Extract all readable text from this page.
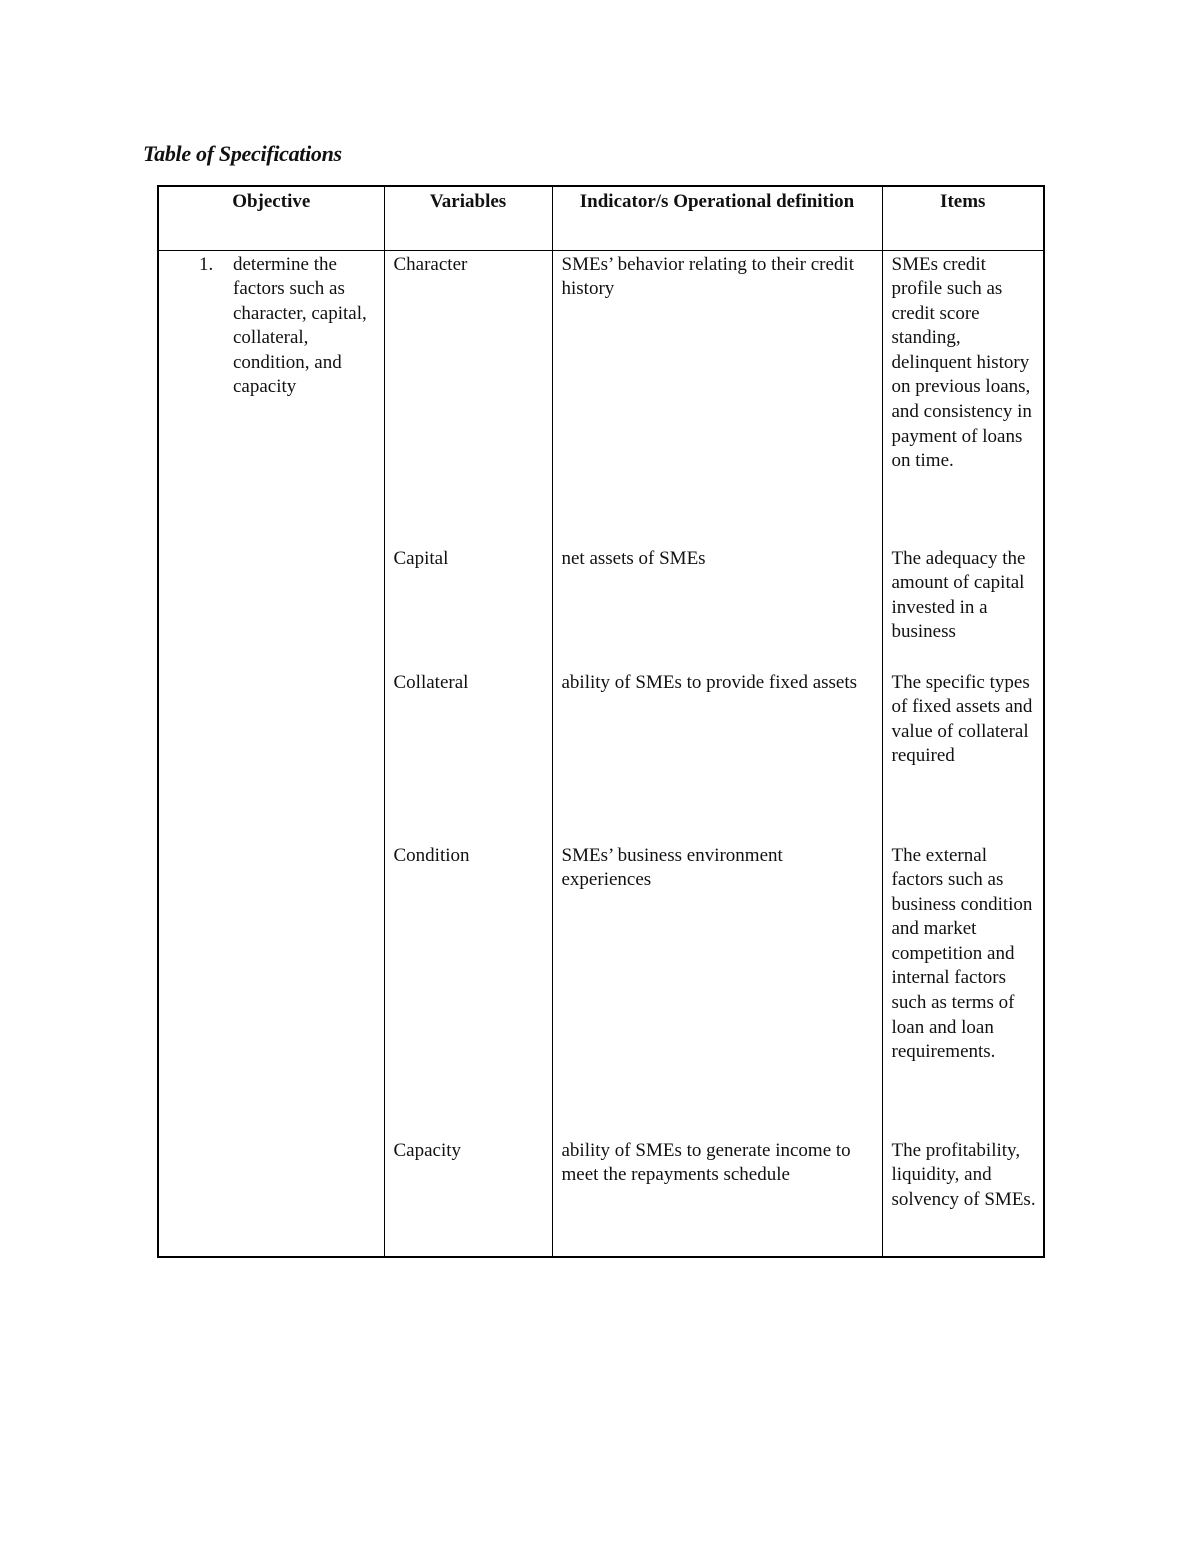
Table of Specifications
Objective	Variables	Indicator/s Operational definition	Items
1. determine the factors such as character, capital, collateral, condition, and capacity	Character	SMEs’ behavior relating to their credit history	SMEs credit profile such as credit score standing, delinquent history on previous loans, and consistency in payment of loans on time.

	Capital	net assets of SMEs	The adequacy the amount of capital invested in a business

	Collateral	ability of SMEs to provide fixed assets	The specific types of fixed assets and value of collateral required

	Condition	SMEs’ business environment experiences	The external factors such as business condition and market competition and internal factors such as terms of loan and loan requirements.

	Capacity	ability of SMEs to generate income to meet the repayments schedule	The profitability, liquidity, and solvency of SMEs.
